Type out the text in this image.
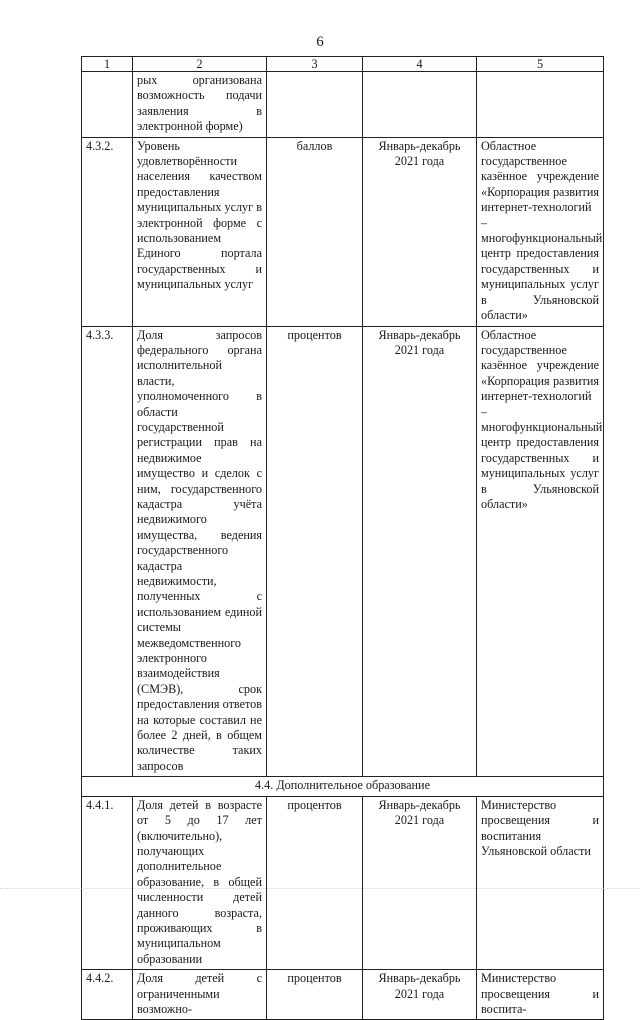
6
1	2	3	4	5
	рых организована возможность подачи заявления в электронной форме)			
4.3.2.	Уровень удовлетворённости населения качеством предоставления муниципальных услуг в электронной форме с использованием Единого портала государственных и муниципальных услуг	баллов	Январь-декабрь 2021 года	Областное государственное казённое учреждение «Корпорация развития интернет-технологий – многофункциональный центр предоставления государственных и муниципальных услуг в Ульяновской области»
4.3.3.	Доля запросов федерального органа исполнительной власти, уполномоченного в области государственной регистрации прав на недвижимое имущество и сделок с ним, государственного кадастра учёта недвижимого имущества, ведения государственного кадастра недвижимости, полученных с использованием единой системы межведомственного электронного взаимодействия (СМЭВ), срок предоставления ответов на которые составил не более 2 дней, в общем количестве таких запросов	процентов	Январь-декабрь 2021 года	Областное государственное казённое учреждение «Корпорация развития интернет-технологий – многофункциональный центр предоставления государственных и муниципальных услуг в Ульяновской области»
4.4. Дополнительное образование				
4.4.1.	Доля детей в возрасте от 5 до 17 лет (включительно), получающих дополнительное образование, в общей численности детей данного возраста, проживающих в муниципальном образовании	процентов	Январь-декабрь 2021 года	Министерство просвещения и воспитания Ульяновской области
4.4.2.	Доля детей с ограниченными возможно-	процентов	Январь-декабрь 2021 года	Министерство просвещения и воспита-
